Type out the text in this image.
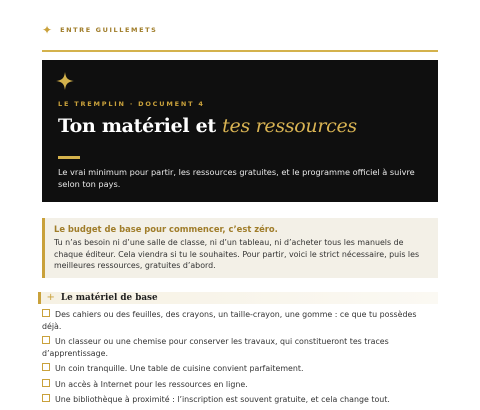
✦ ENTRE GUILLEMETS
LE TREMPLIN · DOCUMENT 4
Ton matériel et tes ressources
Le vrai minimum pour partir, les ressources gratuites, et le programme officiel à suivre selon ton pays.
Le budget de base pour commencer, c’est zéro.
Tu n’as besoin ni d’une salle de classe, ni d’un tableau, ni d’acheter tous les manuels de chaque éditeur. Cela viendra si tu le souhaites. Pour partir, voici le strict nécessaire, puis les meilleures ressources, gratuites d’abord.
+ Le matériel de base
Des cahiers ou des feuilles, des crayons, un taille-crayon, une gomme : ce que tu possèdes déjà.
Un classeur ou une chemise pour conserver les travaux, qui constitueront tes traces d’apprentissage.
Un coin tranquille. Une table de cuisine convient parfaitement.
Un accès à Internet pour les ressources en ligne.
Une bibliothèque à proximité : l’inscription est souvent gratuite, et cela change tout.
